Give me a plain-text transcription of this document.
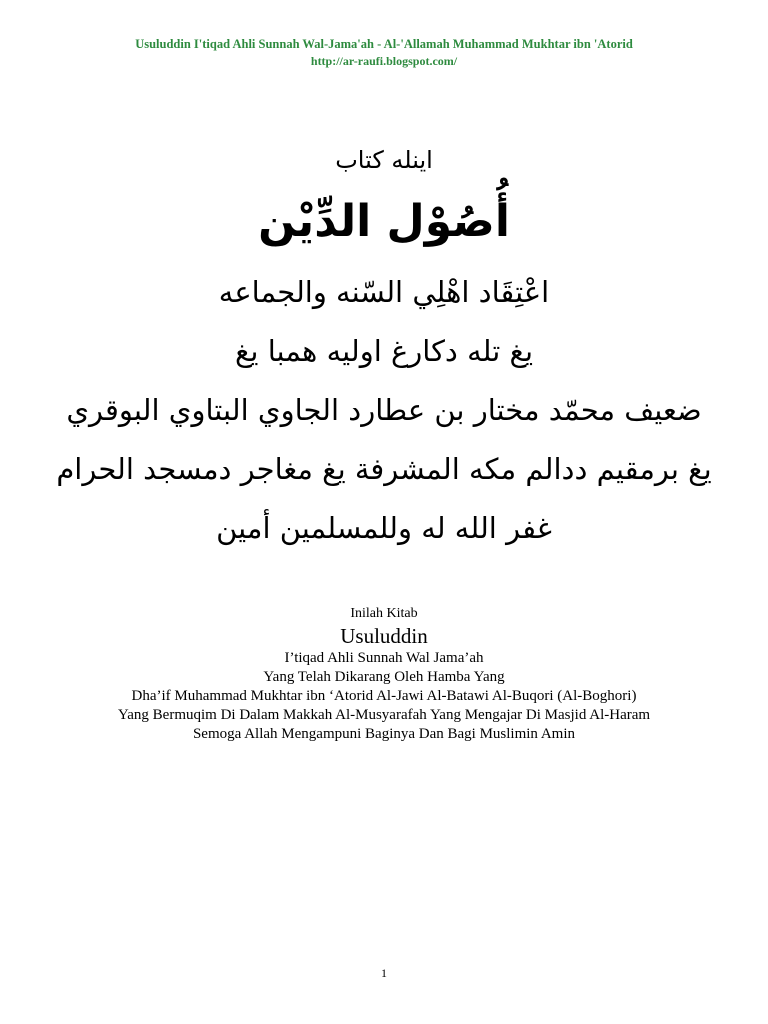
Usuluddin I'tiqad Ahli Sunnah Wal-Jama'ah - Al-'Allamah Muhammad Mukhtar ibn 'Atorid
http://ar-raufi.blogspot.com/
اينله كتاب
أُصُوْل الدِّيْن
اعْتِقَاد اهْلِي السّنه والجماعه
يغ تله دكارغ اوليه همبا يغ
ضعيف محمّد مختار بن عطارد الجاوي البتاوي البوقري
يغ برمقيم ددالم مكه المشرفة يغ مغاجر دمسجد الحرام
غفر الله له وللمسلمين أمين
Inilah Kitab
Usuluddin
I’tiqad Ahli Sunnah Wal Jama’ah
Yang Telah Dikarang Oleh Hamba Yang
Dha’if Muhammad Mukhtar ibn ‘Atorid Al-Jawi Al-Batawi Al-Buqori (Al-Boghori)
Yang Bermuqim Di Dalam Makkah Al-Musyarafah Yang Mengajar Di Masjid Al-Haram
Semoga Allah Mengampuni Baginya Dan Bagi Muslimin Amin
1
